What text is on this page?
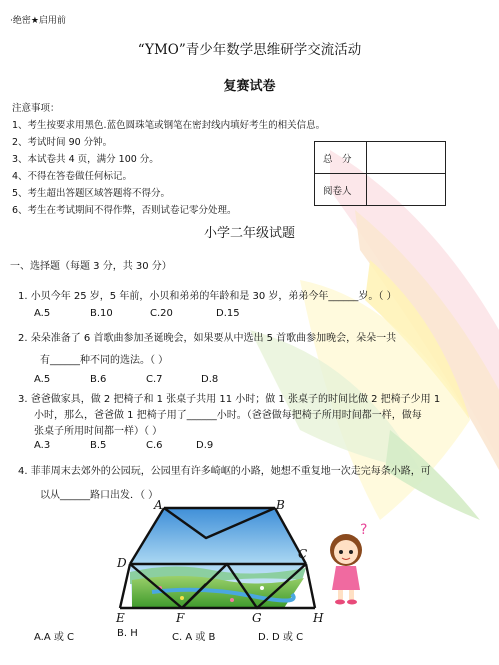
·绝密★启用前
“YMO”青少年数学思维研学交流活动
复赛试卷
注意事项：
1、考生按要求用黑色.蓝色圆珠笔或钢笔在密封线内填好考生的相关信息。
2、考试时间 90 分钟。
3、本试卷共 4 页，满分 100 分。
4、不得在答卷做任何标记。
5、考生超出答题区域答题将不得分。
6、考生在考试期间不得作弊，否则试卷记零分处理。
总　分	
阅卷人	
小学二年级试题
一、选择题（每题 3 分，共 30 分）
1. 小贝今年 25 岁，5 年前，小贝和弟弟的年龄和是 30 岁，弟弟今年______岁。（ ）
A.5	B.10	C.20	D.15
2. 朵朵准备了 6 首歌曲参加圣诞晚会，如果要从中选出 5 首歌曲参加晚会，朵朵一共
有______种不同的选法。（ ）
A.5	B.6	C.7	D.8
3. 爸爸做家具，做 2 把椅子和 1 张桌子共用 11 小时；做 1 张桌子的时间比做 2 把椅子少用 1
小时，那么，爸爸做 1 把椅子用了______小时。（爸爸做每把椅子所用时间都一样，做每
张桌子所用时间都一样）（ ）
A.3	B.5	C.6	D.9
4. 菲菲周末去郊外的公园玩，公园里有许多崎岖的小路，她想不重复地一次走完每条小路，可
以从______路口出发．（ ）
A	B
C
D
E	F	G	H
?
A.A 或 C	B. H	C. A 或 B	D. D 或 C
